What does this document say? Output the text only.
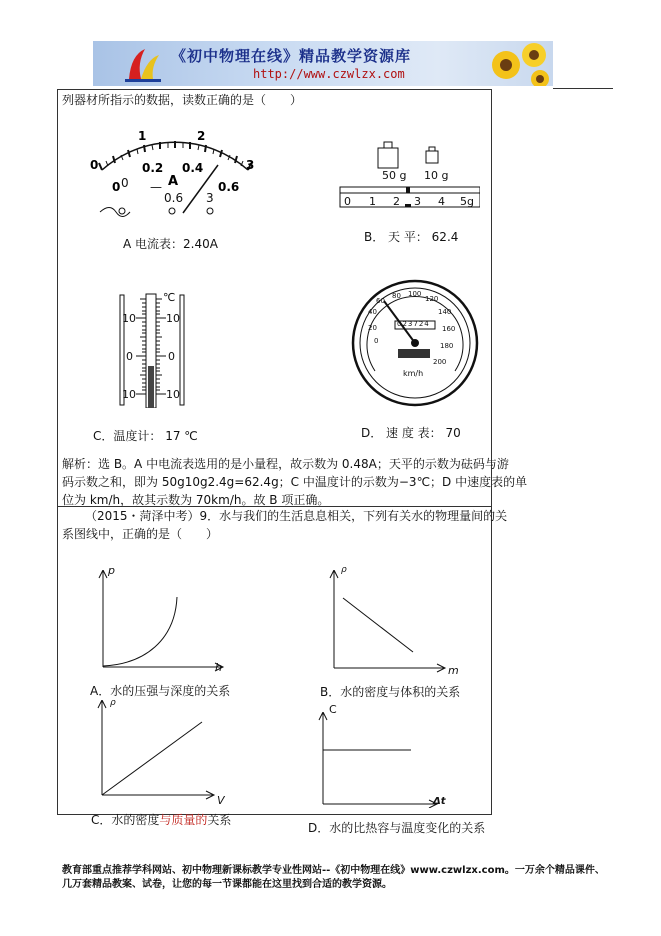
《初中物理在线》精品教学资源库
http://www.czwlzx.com
列器材所指示的数据，读数正确的是（　　）
0
1	2
3
0
0.2 0.4
0.6
A
0 —
0.6 3
A 电流表：2.40A
50 g 10 g
0 1 2 3 4 5g
B． 天 平： 62.4
℃
10	10
0	0
10	10
C．温度计： 17 ℃
0
20
40
60
80 100
120
140
160
180
200
023724
km/h
D． 速 度 表： 70
解析：选 B。A 中电流表选用的是小量程，故示数为 0.48A；天平的示数为砝码与游
码示数之和，即为 50g10g2.4g=62.4g；C 中温度计的示数为−3℃；D 中速度表的单
位为 km/h，故其示数为 70km/h。故 B 项正确。
（2015・菏泽中考）9．水与我们的生活息息相关，下列有关水的物理量间的关
系图线中，正确的是（　　）
p
h
A．水的压强与深度的关系
ρ
m
B．水的密度与体积的关系
ρ
V
C．水的密度与质量的关系
C
Δt
D．水的比热容与温度变化的关系
教育部重点推荐学科网站、初中物理新课标教学专业性网站--《初中物理在线》www.czwlzx.com。一万余个精品课件、
几万套精品教案、试卷，让您的每一节课都能在这里找到合适的教学资源。
